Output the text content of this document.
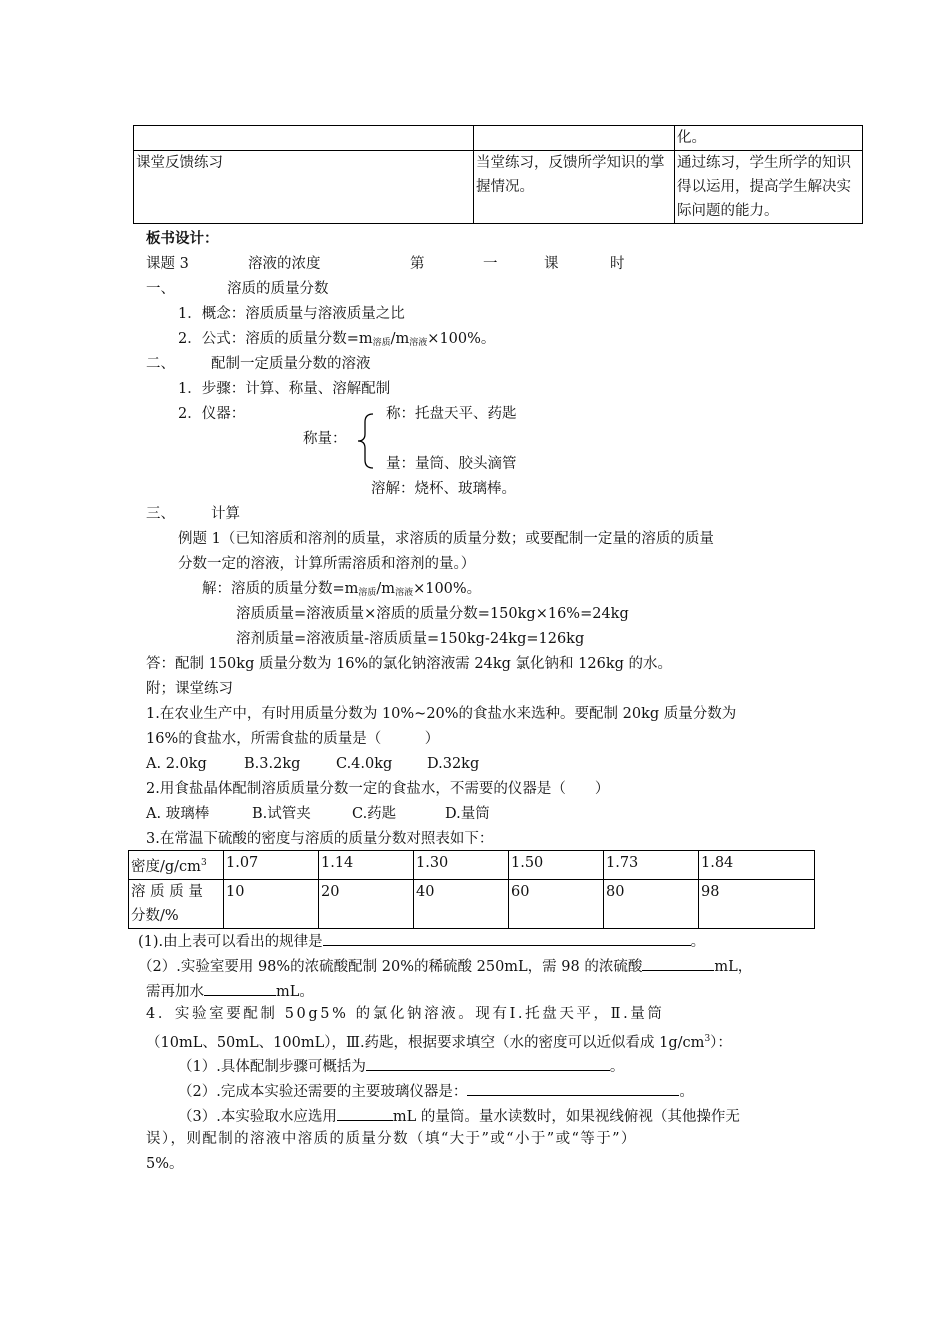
		化。
课堂反馈练习	当堂练习，反馈所学知识的掌握情况。	通过练习，学生所学的知识得以运用，提高学生解决实际问题的能力。
板书设计：
课题 3	溶液的浓度	第	一	课	时
一、	溶质的质量分数
1．概念：溶质质量与溶液质量之比
2．公式：溶质的质量分数$=m_{溶质}/m_{溶液}\times 100\%$。
二、 配制一定质量分数的溶液
1．步骤：计算、称量、溶解配制
2．仪器：	称：托盘天平、药匙
称量：
量：量筒、胶头滴管
溶解：烧杯、玻璃棒。
三、 计算
例题 1（已知溶质和溶剂的质量，求溶质的质量分数；或要配制一定量的溶质的质量
分数一定的溶液，计算所需溶质和溶剂的量。）
解：溶质的质量分数$=m_{溶质}/m_{溶液}\times 100\%$。
溶质质量=溶液质量×溶质的质量分数=150kg×16%=24kg
溶剂质量=溶液质量-溶质质量=150kg-24kg=126kg
答：配制 150kg 质量分数为 16%的氯化钠溶液需 24kg 氯化钠和 126kg 的水。
附；课堂练习
1.在农业生产中，有时用质量分数为 10%~20%的食盐水来选种。要配制 20kg 质量分数为
16%的食盐水，所需食盐的质量是（　　　）
A. 2.0kg	B.3.2kg C.4.0kg D.32kg
2.用食盐晶体配制溶质质量分数一定的食盐水，不需要的仪器是（　　）
A. 玻璃棒	B.试管夹	C.药匙	D.量筒
3.在常温下硫酸的密度与溶质的质量分数对照表如下：
密度$/g/cm^3$	1.07	1.14	1.30	1.50	1.73	1.84

溶 质 质 量
分数/%	10	20	40	60	80	98
(1).由上表可以看出的规律是	。
（2）.实验室要用 98%的浓硫酸配制 20%的稀硫酸 250mL，需 98 的浓硫酸	mL，
需再加水	mL。
4．实验室要配制 50g5% 的氯化钠溶液。现有Ⅰ.托盘天平，Ⅱ.量筒
（10mL、50mL、100mL），Ⅲ.药匙，根据要求填空（水的密度可以近似看成 $1g/cm^3$）：
（1）.具体配制步骤可概括为	。
（2）.完成本实验还需要的主要玻璃仪器是：	。
（3）.本实验取水应选用	mL 的量筒。量水读数时，如果视线俯视（其他操作无
误），则配制的溶液中溶质的质量分数（填“大于”或“小于”或“等于”）
5%。
